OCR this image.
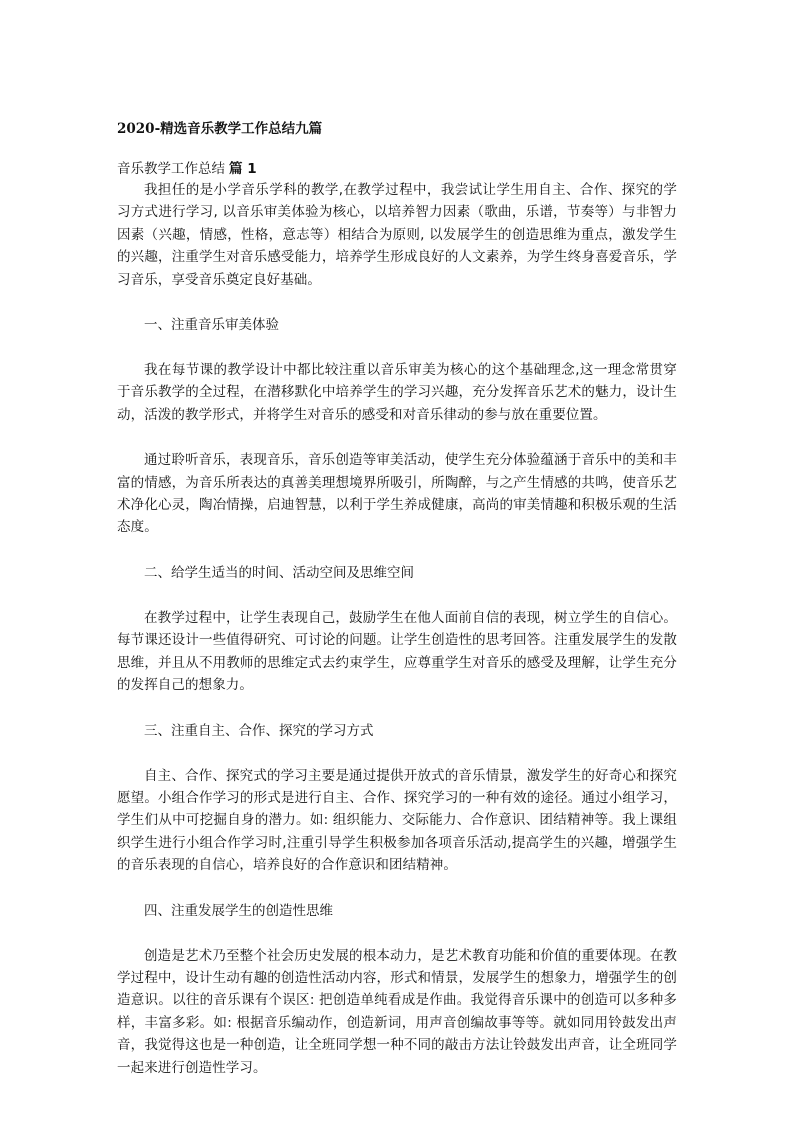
2020-精选音乐教学工作总结九篇
音乐教学工作总结 篇 1

我担任的是小学音乐学科的教学,在教学过程中，我尝试让学生用自主、合作、探究的学习方式进行学习, 以音乐审美体验为核心，以培养智力因素（歌曲，乐谱，节奏等）与非智力因素（兴趣，情感，性格，意志等）相结合为原则, 以发展学生的创造思维为重点，激发学生的兴趣，注重学生对音乐感受能力，培养学生形成良好的人文素养，为学生终身喜爱音乐，学习音乐，享受音乐奠定良好基础。

一、注重音乐审美体验

我在每节课的教学设计中都比较注重以音乐审美为核心的这个基础理念,这一理念常贯穿于音乐教学的全过程，在潜移默化中培养学生的学习兴趣，充分发挥音乐艺术的魅力，设计生动，活泼的教学形式，并将学生对音乐的感受和对音乐律动的参与放在重要位置。

通过聆听音乐，表现音乐，音乐创造等审美活动，使学生充分体验蕴涵于音乐中的美和丰富的情感，为音乐所表达的真善美理想境界所吸引，所陶醉，与之产生情感的共鸣，使音乐艺术净化心灵，陶冶情操，启迪智慧，以利于学生养成健康，高尚的审美情趣和积极乐观的生活态度。

二、给学生适当的时间、活动空间及思维空间

在教学过程中，让学生表现自己，鼓励学生在他人面前自信的表现，树立学生的自信心。每节课还设计一些值得研究、可讨论的问题。让学生创造性的思考回答。注重发展学生的发散思维，并且从不用教师的思维定式去约束学生，应尊重学生对音乐的感受及理解，让学生充分的发挥自己的想象力。

三、注重自主、合作、探究的学习方式

自主、合作、探究式的学习主要是通过提供开放式的音乐情景，激发学生的好奇心和探究愿望。小组合作学习的形式是进行自主、合作、探究学习的一种有效的途径。通过小组学习，学生们从中可挖掘自身的潜力。如: 组织能力、交际能力、合作意识、团结精神等。我上课组织学生进行小组合作学习时,注重引导学生积极参加各项音乐活动,提高学生的兴趣，增强学生的音乐表现的自信心，培养良好的合作意识和团结精神。

四、注重发展学生的创造性思维

创造是艺术乃至整个社会历史发展的根本动力，是艺术教育功能和价值的重要体现。在教学过程中，设计生动有趣的创造性活动内容，形式和情景，发展学生的想象力，增强学生的创造意识。以往的音乐课有个误区: 把创造单纯看成是作曲。我觉得音乐课中的创造可以多种多样，丰富多彩。如: 根据音乐编动作，创造新词，用声音创编故事等等。就如同用铃鼓发出声音，我觉得这也是一种创造，让全班同学想一种不同的敲击方法让铃鼓发出声音，让全班同学一起来进行创造性学习。
